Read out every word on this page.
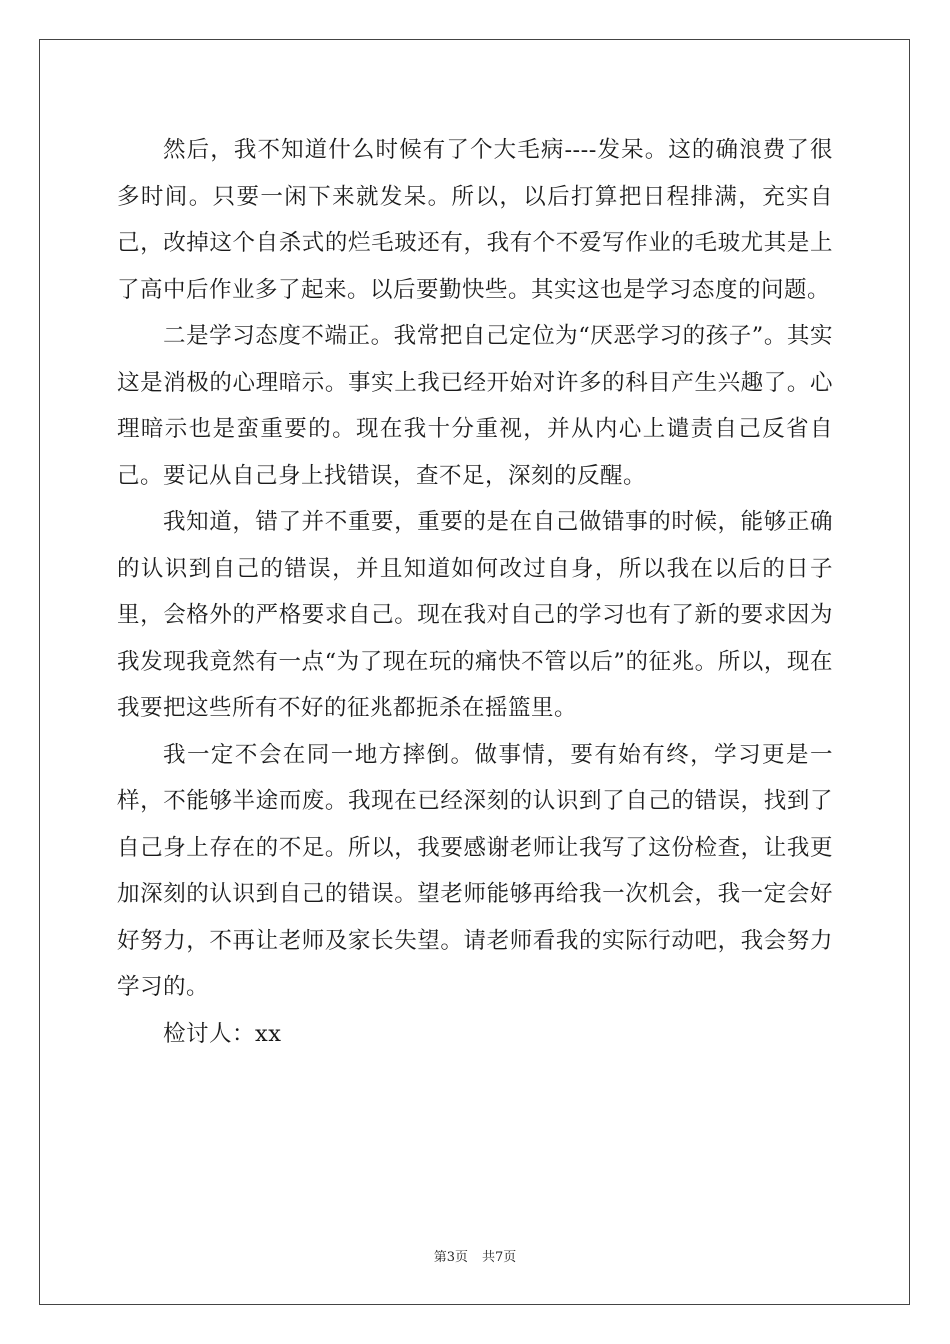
然后，我不知道什么时候有了个大毛病----发呆。这的确浪费了很多时间。只要一闲下来就发呆。所以，以后打算把日程排满，充实自己，改掉这个自杀式的烂毛玻还有，我有个不爱写作业的毛玻尤其是上了高中后作业多了起来。以后要勤快些。其实这也是学习态度的问题。

二是学习态度不端正。我常把自己定位为“厌恶学习的孩子”。其实这是消极的心理暗示。事实上我已经开始对许多的科目产生兴趣了。心理暗示也是蛮重要的。现在我十分重视，并从内心上谴责自己反省自己。要记从自己身上找错误，查不足，深刻的反醒。

我知道，错了并不重要，重要的是在自己做错事的时候，能够正确的认识到自己的错误，并且知道如何改过自身，所以我在以后的日子里，会格外的严格要求自己。现在我对自己的学习也有了新的要求因为我发现我竟然有一点“为了现在玩的痛快不管以后”的征兆。所以，现在我要把这些所有不好的征兆都扼杀在摇篮里。

我一定不会在同一地方摔倒。做事情，要有始有终，学习更是一样，不能够半途而废。我现在已经深刻的认识到了自己的错误，找到了自己身上存在的不足。所以，我要感谢老师让我写了这份检查，让我更加深刻的认识到自己的错误。望老师能够再给我一次机会，我一定会好好努力，不再让老师及家长失望。请老师看我的实际行动吧，我会努力学习的。

检讨人：xx

第3页 共7页
